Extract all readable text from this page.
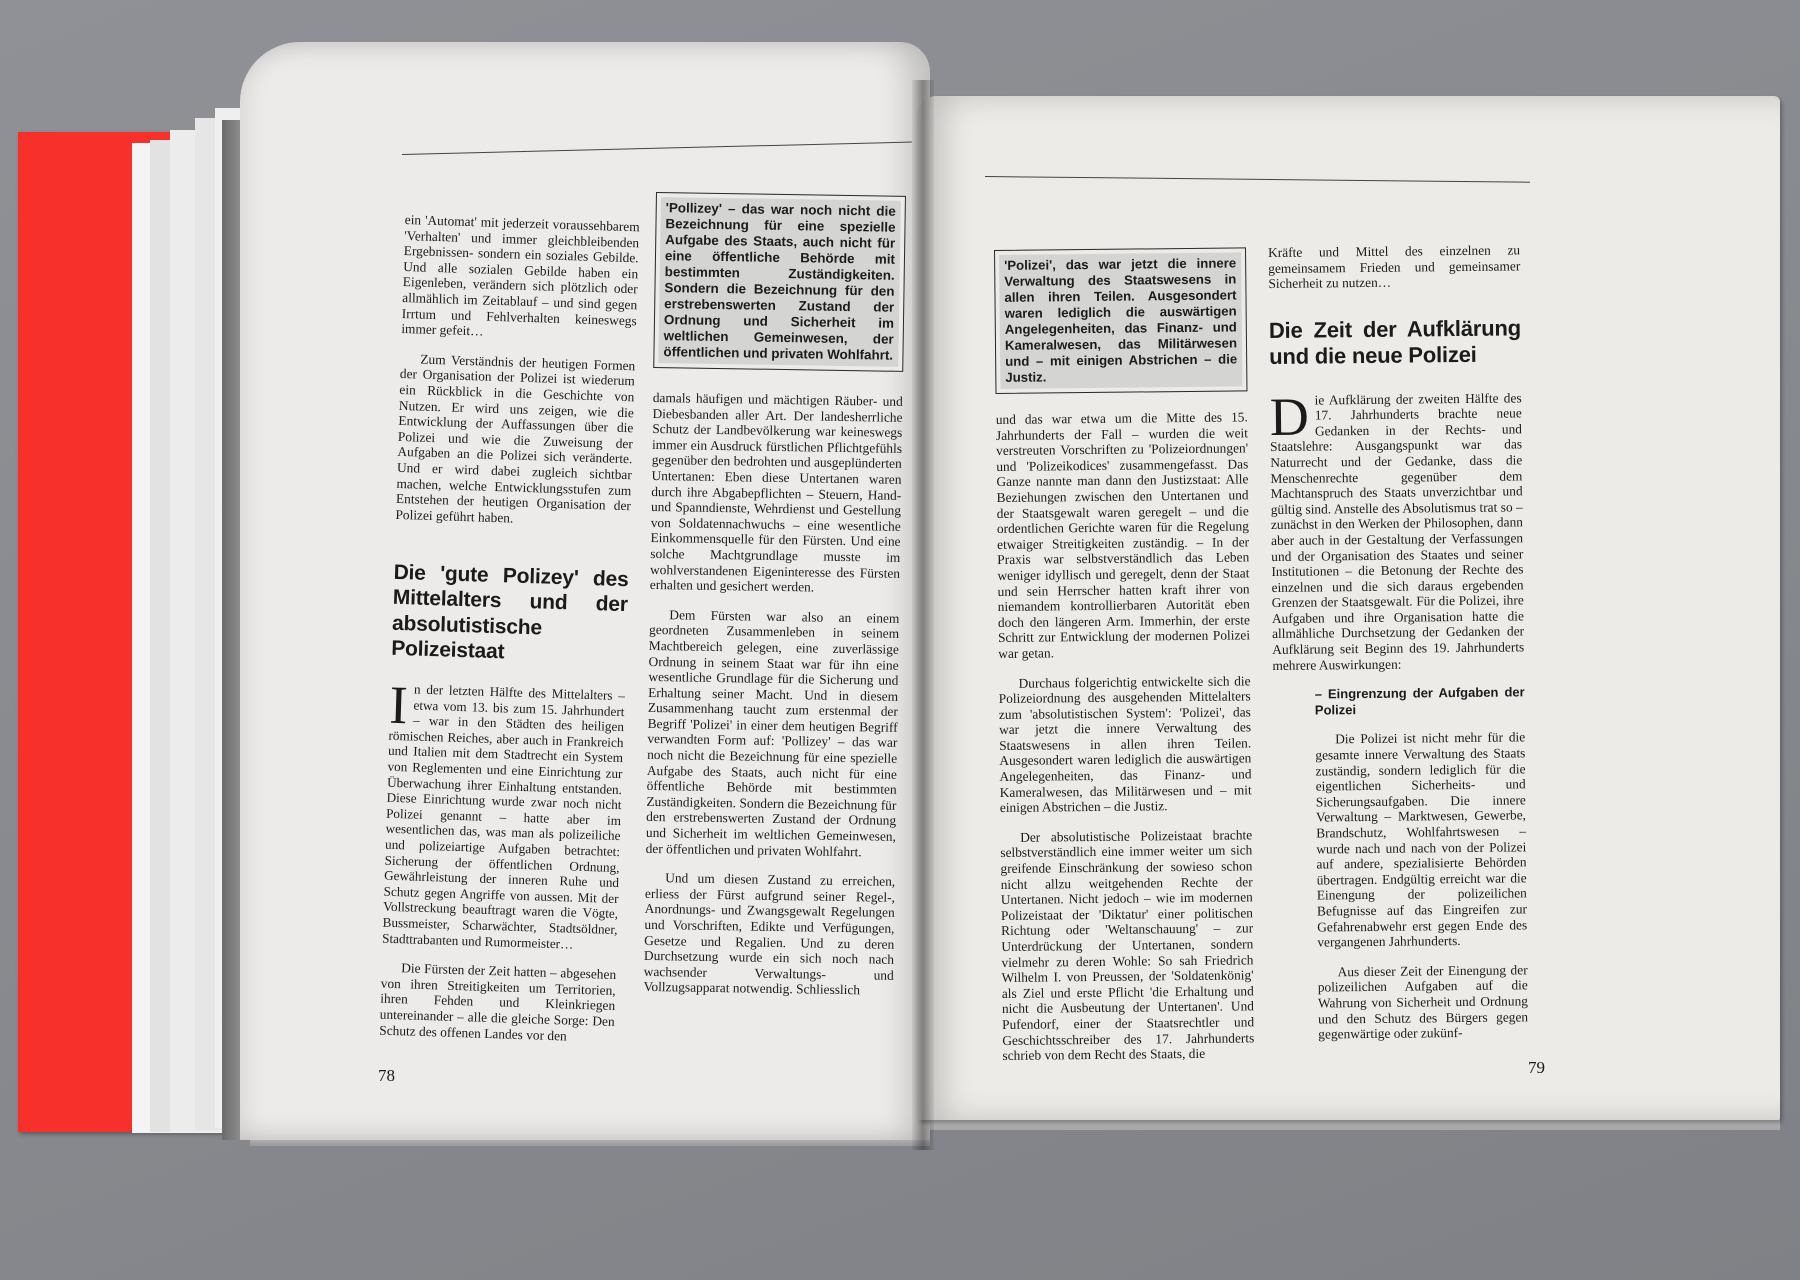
ein 'Automat' mit jederzeit voraussehbarem 'Verhalten' und immer gleichbleibenden Ergebnissen- sondern ein soziales Gebilde. Und alle sozialen Gebilde haben ein Eigenleben, verändern sich plötzlich oder allmählich im Zeitablauf – und sind gegen Irrtum und Fehlverhalten keineswegs immer gefeit…

Zum Verständnis der heutigen Formen der Organisation der Polizei ist wiederum ein Rückblick in die Geschichte von Nutzen. Er wird uns zeigen, wie die Entwicklung der Auffassungen über die Polizei und wie die Zuweisung der Aufgaben an die Polizei sich veränderte. Und er wird dabei zugleich sichtbar machen, welche Entwicklungsstufen zum Entstehen der heutigen Organisation der Polizei geführt haben.

Die 'gute Polizey' des Mittelalters und der absolutistische Polizeistaat

I n der letzten Hälfte des Mittelalters – etwa vom 13. bis zum 15. Jahrhundert – war in den Städten des heiligen römischen Reiches, aber auch in Frankreich und Italien mit dem Stadtrecht ein System von Reglementen und eine Einrichtung zur Überwachung ihrer Einhaltung entstanden. Diese Einrichtung wurde zwar noch nicht Polizei genannt – hatte aber im wesentlichen das, was man als polizeiliche und polizeiartige Aufgaben betrachtet: Sicherung der öffentlichen Ordnung, Gewährleistung der inneren Ruhe und Schutz gegen Angriffe von aussen. Mit der Vollstreckung beauftragt waren die Vögte, Bussmeister, Scharwächter, Stadtsöldner, Stadttrabanten und Rumormeister…

Die Fürsten der Zeit hatten – abgesehen von ihren Streitigkeiten um Territorien, ihren Fehden und Kleinkriegen untereinander – alle die gleiche Sorge: Den Schutz des offenen Landes vor den

78
'Pollizey' – das war noch nicht die Bezeichnung für eine spezielle Aufgabe des Staats, auch nicht für eine öffentliche Behörde mit bestimmten Zuständigkeiten. Sondern die Bezeichnung für den erstrebenswerten Zustand der Ordnung und Sicherheit im weltlichen Gemeinwesen, der öffentlichen und privaten Wohlfahrt.

damals häufigen und mächtigen Räuber- und Diebesbanden aller Art. Der landesherrliche Schutz der Landbevölkerung war keineswegs immer ein Ausdruck fürstlichen Pflichtgefühls gegenüber den bedrohten und ausgeplünderten Untertanen: Eben diese Untertanen waren durch ihre Abgabepflichten – Steuern, Hand- und Spanndienste, Wehrdienst und Gestellung von Soldatennachwuchs – eine wesentliche Einkommensquelle für den Fürsten. Und eine solche Machtgrundlage musste im wohlverstandenen Eigeninteresse des Fürsten erhalten und gesichert werden.

Dem Fürsten war also an einem geordneten Zusammenleben in seinem Machtbereich gelegen, eine zuverlässige Ordnung in seinem Staat war für ihn eine wesentliche Grundlage für die Sicherung und Erhaltung seiner Macht. Und in diesem Zusammenhang taucht zum erstenmal der Begriff 'Polizei' in einer dem heutigen Begriff verwandten Form auf: 'Pollizey' – das war noch nicht die Bezeichnung für eine spezielle Aufgabe des Staats, auch nicht für eine öffentliche Behörde mit bestimmten Zuständigkeiten. Sondern die Bezeichnung für den erstrebenswerten Zustand der Ordnung und Sicherheit im weltlichen Gemeinwesen, der öffentlichen und privaten Wohlfahrt.

Und um diesen Zustand zu erreichen, erliess der Fürst aufgrund seiner Regel-, Anordnungs- und Zwangsgewalt Regelungen und Vorschriften, Edikte und Verfügungen, Gesetze und Regalien. Und zu deren Durchsetzung wurde ein sich noch nach wachsender Verwaltungs- und Vollzugsapparat notwendig. Schliesslich

'Polizei', das war jetzt die innere Verwaltung des Staatswesens in allen ihren Teilen. Ausgesondert waren lediglich die auswärtigen Angelegenheiten, das Finanz- und Kameralwesen, das Militärwesen und – mit einigen Abstrichen – die Justiz.

und das war etwa um die Mitte des 15. Jahrhunderts der Fall – wurden die weit verstreuten Vorschriften zu 'Polizeiordnungen' und 'Polizeikodices' zusammengefasst. Das Ganze nannte man dann den Justizstaat: Alle Beziehungen zwischen den Untertanen und der Staatsgewalt waren geregelt – und die ordentlichen Gerichte waren für die Regelung etwaiger Streitigkeiten zuständig. – In der Praxis war selbstverständlich das Leben weniger idyllisch und geregelt, denn der Staat und sein Herrscher hatten kraft ihrer von niemandem kontrollierbaren Autorität eben doch den längeren Arm. Immerhin, der erste Schritt zur Entwicklung der modernen Polizei war getan.

Durchaus folgerichtig entwickelte sich die Polizeiordnung des ausgehenden Mittelalters zum 'absolutistischen System': 'Polizei', das war jetzt die innere Verwaltung des Staatswesens in allen ihren Teilen. Ausgesondert waren lediglich die auswärtigen Angelegenheiten, das Finanz- und Kameralwesen, das Militärwesen und – mit einigen Abstrichen – die Justiz.

Der absolutistische Polizeistaat brachte selbstverständlich eine immer weiter um sich greifende Einschränkung der sowieso schon nicht allzu weitgehenden Rechte der Untertanen. Nicht jedoch – wie im modernen Polizeistaat der 'Diktatur' einer politischen Richtung oder 'Weltanschauung' – zur Unterdrückung der Untertanen, sondern vielmehr zu deren Wohle: So sah Friedrich Wilhelm I. von Preussen, der 'Soldatenkönig' als Ziel und erste Pflicht 'die Erhaltung und nicht die Ausbeutung der Untertanen'. Und Pufendorf, einer der Staatsrechtler und Geschichtsschreiber des 17. Jahrhunderts schrieb von dem Recht des Staats, die

Kräfte und Mittel des einzelnen zu gemeinsamem Frieden und gemeinsamer Sicherheit zu nutzen…

Die Zeit der Aufklärung und die neue Polizei

D ie Aufklärung der zweiten Hälfte des 17. Jahrhunderts brachte neue Gedanken in der Rechts- und Staatslehre: Ausgangspunkt war das Naturrecht und der Gedanke, dass die Menschenrechte gegenüber dem Machtanspruch des Staats unverzichtbar und gültig sind. Anstelle des Absolutismus trat so – zunächst in den Werken der Philosophen, dann aber auch in der Gestaltung der Verfassungen und der Organisation des Staates und seiner Institutionen – die Betonung der Rechte des einzelnen und die sich daraus ergebenden Grenzen der Staatsgewalt. Für die Polizei, ihre Aufgaben und ihre Organisation hatte die allmähliche Durchsetzung der Gedanken der Aufklärung seit Beginn des 19. Jahrhunderts mehrere Auswirkungen:

– Eingrenzung der Aufgaben der Polizei

Die Polizei ist nicht mehr für die gesamte innere Verwaltung des Staats zuständig, sondern lediglich für die eigentlichen Sicherheits- und Sicherungsaufgaben. Die innere Verwaltung – Marktwesen, Gewerbe, Brandschutz, Wohlfahrtswesen – wurde nach und nach von der Polizei auf andere, spezialisierte Behörden übertragen. Endgültig erreicht war die Einengung der polizeilichen Befugnisse auf das Eingreifen zur Gefahrenabwehr erst gegen Ende des vergangenen Jahrhunderts.

Aus dieser Zeit der Einengung der polizeilichen Aufgaben auf die Wahrung von Sicherheit und Ordnung und den Schutz des Bürgers gegen gegenwärtige oder zukünf-

79
